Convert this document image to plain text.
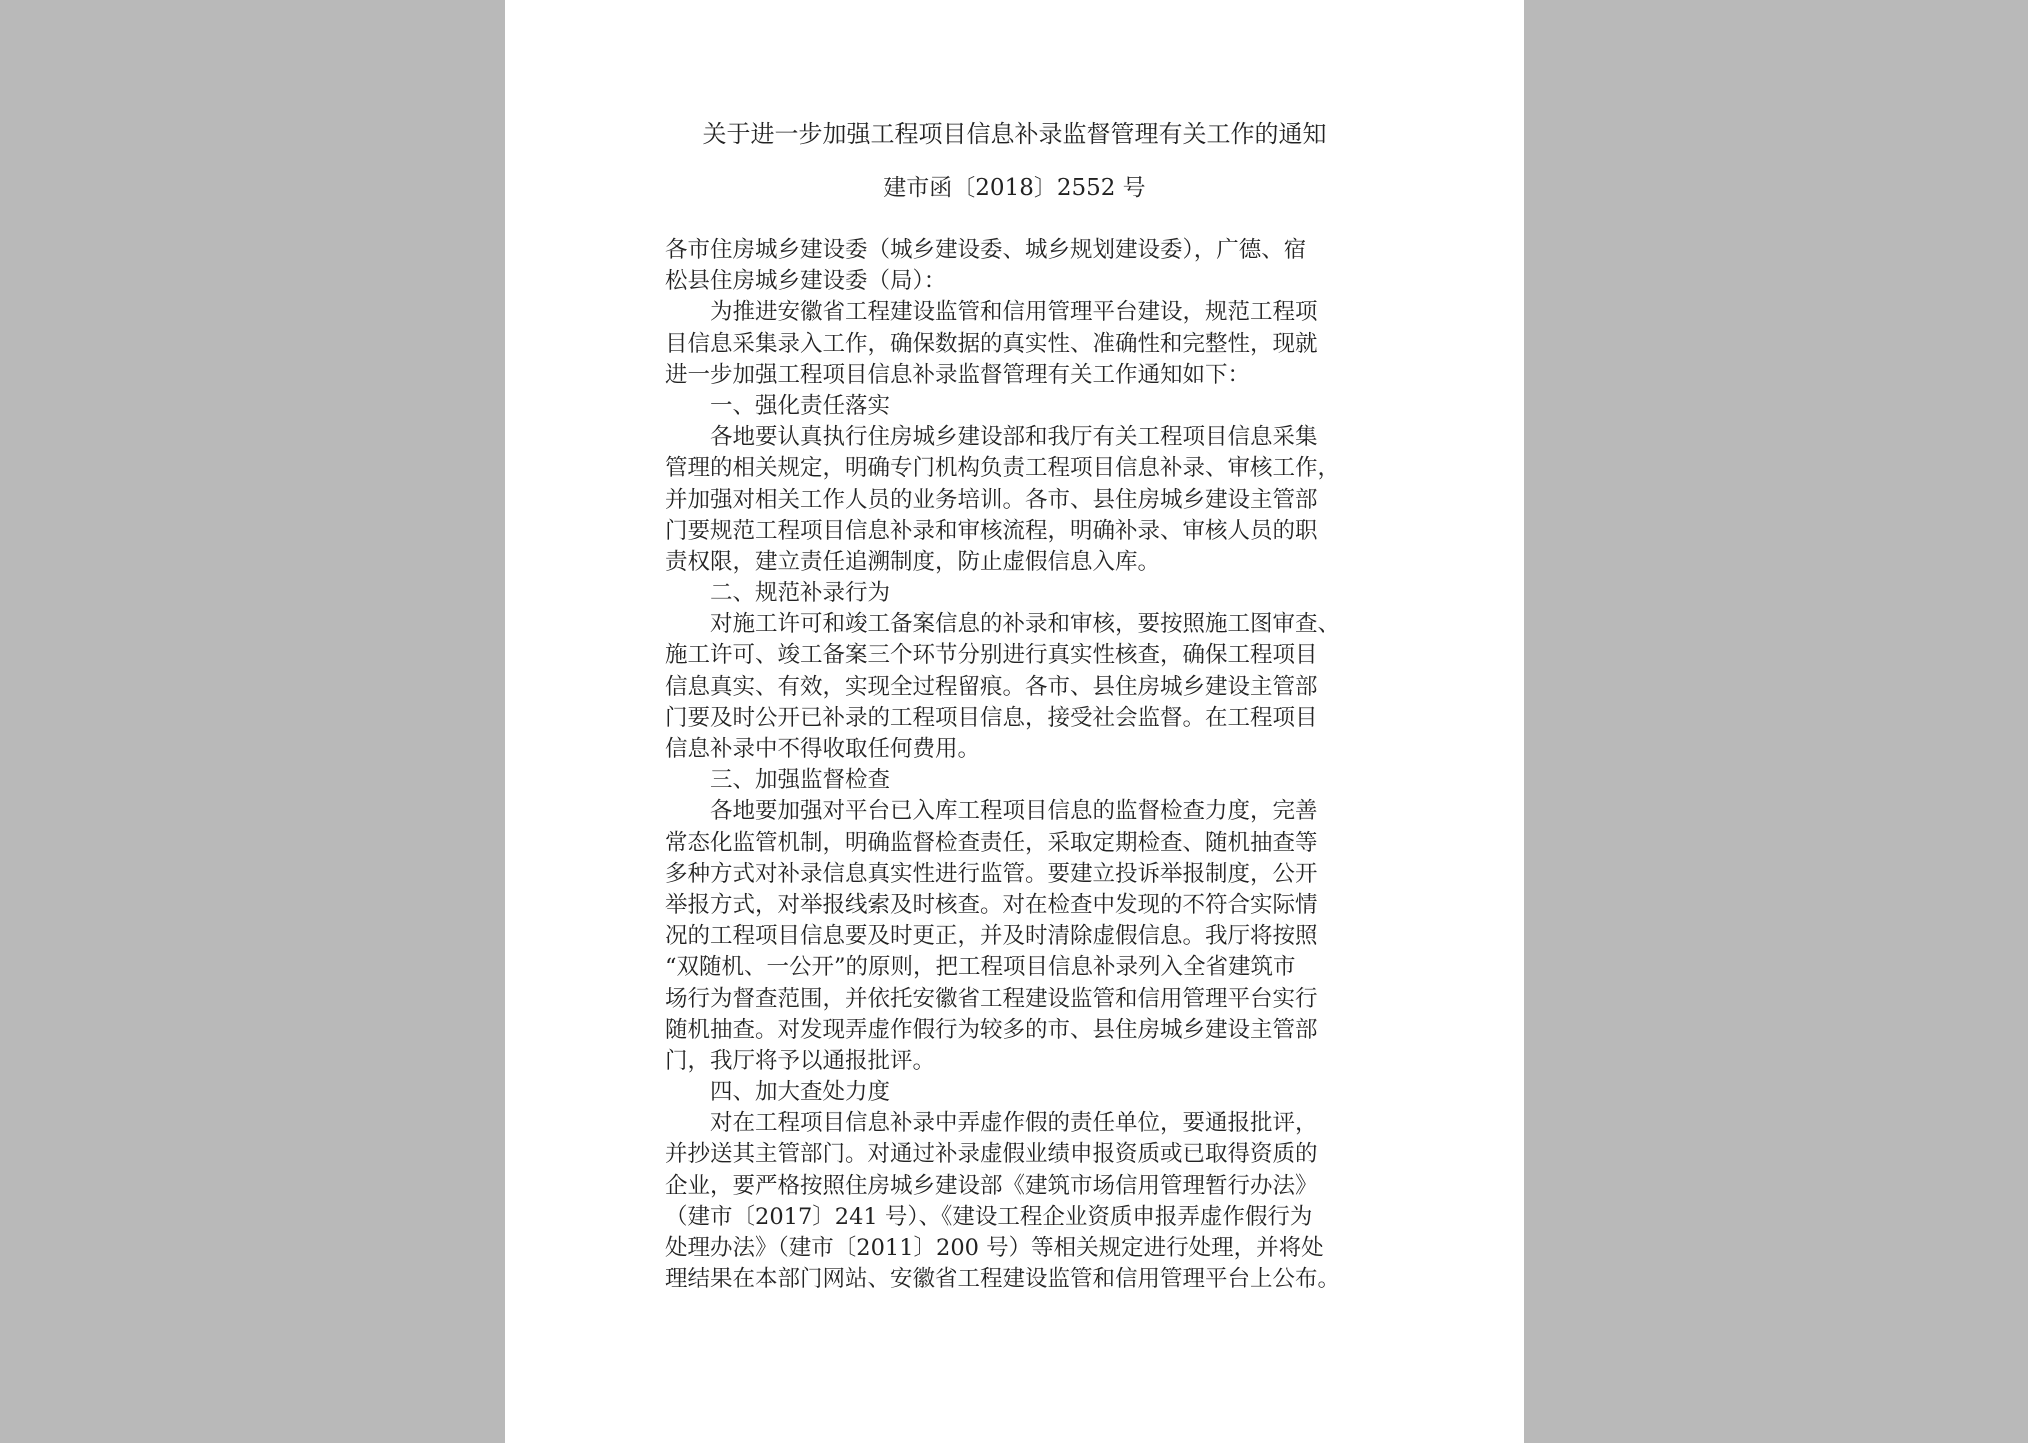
关于进一步加强工程项目信息补录监督管理有关工作的通知
建市函〔2018〕2552 号
各市住房城乡建设委（城乡建设委、城乡规划建设委），广德、宿
松县住房城乡建设委（局）：
　　为推进安徽省工程建设监管和信用管理平台建设，规范工程项
目信息采集录入工作，确保数据的真实性、准确性和完整性，现就
进一步加强工程项目信息补录监督管理有关工作通知如下：
　　一、强化责任落实
　　各地要认真执行住房城乡建设部和我厅有关工程项目信息采集
管理的相关规定，明确专门机构负责工程项目信息补录、审核工作，
并加强对相关工作人员的业务培训。各市、县住房城乡建设主管部
门要规范工程项目信息补录和审核流程，明确补录、审核人员的职
责权限，建立责任追溯制度，防止虚假信息入库。
　　二、规范补录行为
　　对施工许可和竣工备案信息的补录和审核，要按照施工图审查、
施工许可、竣工备案三个环节分别进行真实性核查，确保工程项目
信息真实、有效，实现全过程留痕。各市、县住房城乡建设主管部
门要及时公开已补录的工程项目信息，接受社会监督。在工程项目
信息补录中不得收取任何费用。
　　三、加强监督检查
　　各地要加强对平台已入库工程项目信息的监督检查力度，完善
常态化监管机制，明确监督检查责任，采取定期检查、随机抽查等
多种方式对补录信息真实性进行监管。要建立投诉举报制度，公开
举报方式，对举报线索及时核查。对在检查中发现的不符合实际情
况的工程项目信息要及时更正，并及时清除虚假信息。我厅将按照
“双随机、一公开”的原则，把工程项目信息补录列入全省建筑市
场行为督查范围，并依托安徽省工程建设监管和信用管理平台实行
随机抽查。对发现弄虚作假行为较多的市、县住房城乡建设主管部
门，我厅将予以通报批评。
　　四、加大查处力度
　　对在工程项目信息补录中弄虚作假的责任单位，要通报批评，
并抄送其主管部门。对通过补录虚假业绩申报资质或已取得资质的
企业，要严格按照住房城乡建设部《建筑市场信用管理暂行办法》
（建市〔2017〕241 号）、《建设工程企业资质申报弄虚作假行为
处理办法》（建市〔2011〕200 号）等相关规定进行处理，并将处
理结果在本部门网站、安徽省工程建设监管和信用管理平台上公布。
